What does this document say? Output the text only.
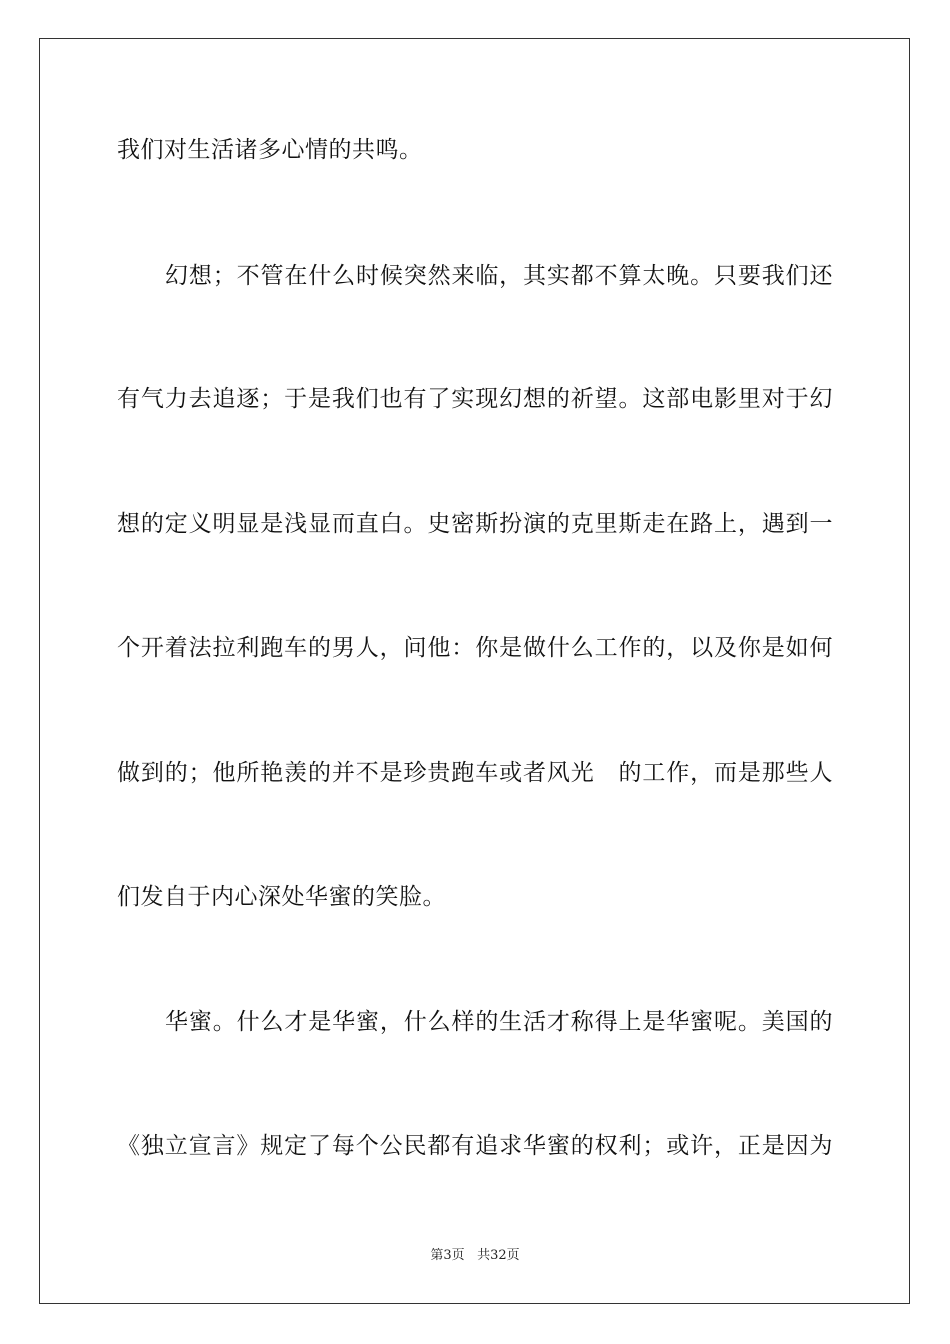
我们对生活诸多心情的共鸣。
幻想；不管在什么时候突然来临，其实都不算太晚。只要我们还
有气力去追逐；于是我们也有了实现幻想的祈望。这部电影里对于幻
想的定义明显是浅显而直白。史密斯扮演的克里斯走在路上，遇到一
个开着法拉利跑车的男人，问他：你是做什么工作的，以及你是如何
做到的；他所艳羡的并不是珍贵跑车或者风光　的工作，而是那些人
们发自于内心深处华蜜的笑脸。
华蜜。什么才是华蜜，什么样的生活才称得上是华蜜呢。美国的
《独立宣言》规定了每个公民都有追求华蜜的权利；或许，正是因为
第3页 共32页
